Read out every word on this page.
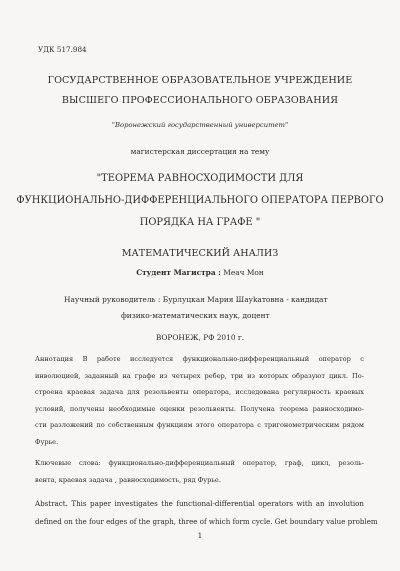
УДК 517.984
ГОСУДАРСТВЕННОЕ ОБРАЗОВАТЕЛЬНОЕ УЧРЕЖДЕНИЕ
ВЫСШЕГО ПРОФЕССИОНАЛЬНОГО ОБРАЗОВАНИЯ
"Воронежский государственный университет"
магистерская диссертация на тему
"ТЕОРЕМА РАВНОСХОДИМОСТИ ДЛЯ
ФУНКЦИОНАЛЬНО-ДИФФЕРЕНЦИАЛЬНОГО ОПЕРАТОРА ПЕРВОГО
ПОРЯДКА НА ГРАФЕ "
МАТЕМАТИЧЕСКИЙ АНАЛИЗ
Студент Магистра : Меач Мон
Научный руководитель : Бурлуцкая Мария Шауkатовна - кандидат
физико-математических наук, доцент
ВОРОНЕЖ, РФ 2010 г.
Аннотация В работе исследуется функционально-дифференциальный оператор с
инволюцией, заданный на графе из четырех ребер, три из которых образуют цикл. По-
строена краевая задача для резольвенты оператора, исследована регулярность краевых
условий, получены необходимые оценки резольвенты. Получена теорема равносходимо-
сти разложений по собственным функциям этого оператора с тригонометрическим рядом
Фурье.
Ключевые слова: функционально-дифференциальный оператор, граф, цикл, резоль-
вента, краевая задача , равносходимость, ряд Фурье.
Abstract. This paper investigates the functional-differential operators with an involution
defined on the four edges of the graph, three of which form cycle. Get boundary value problem
1
